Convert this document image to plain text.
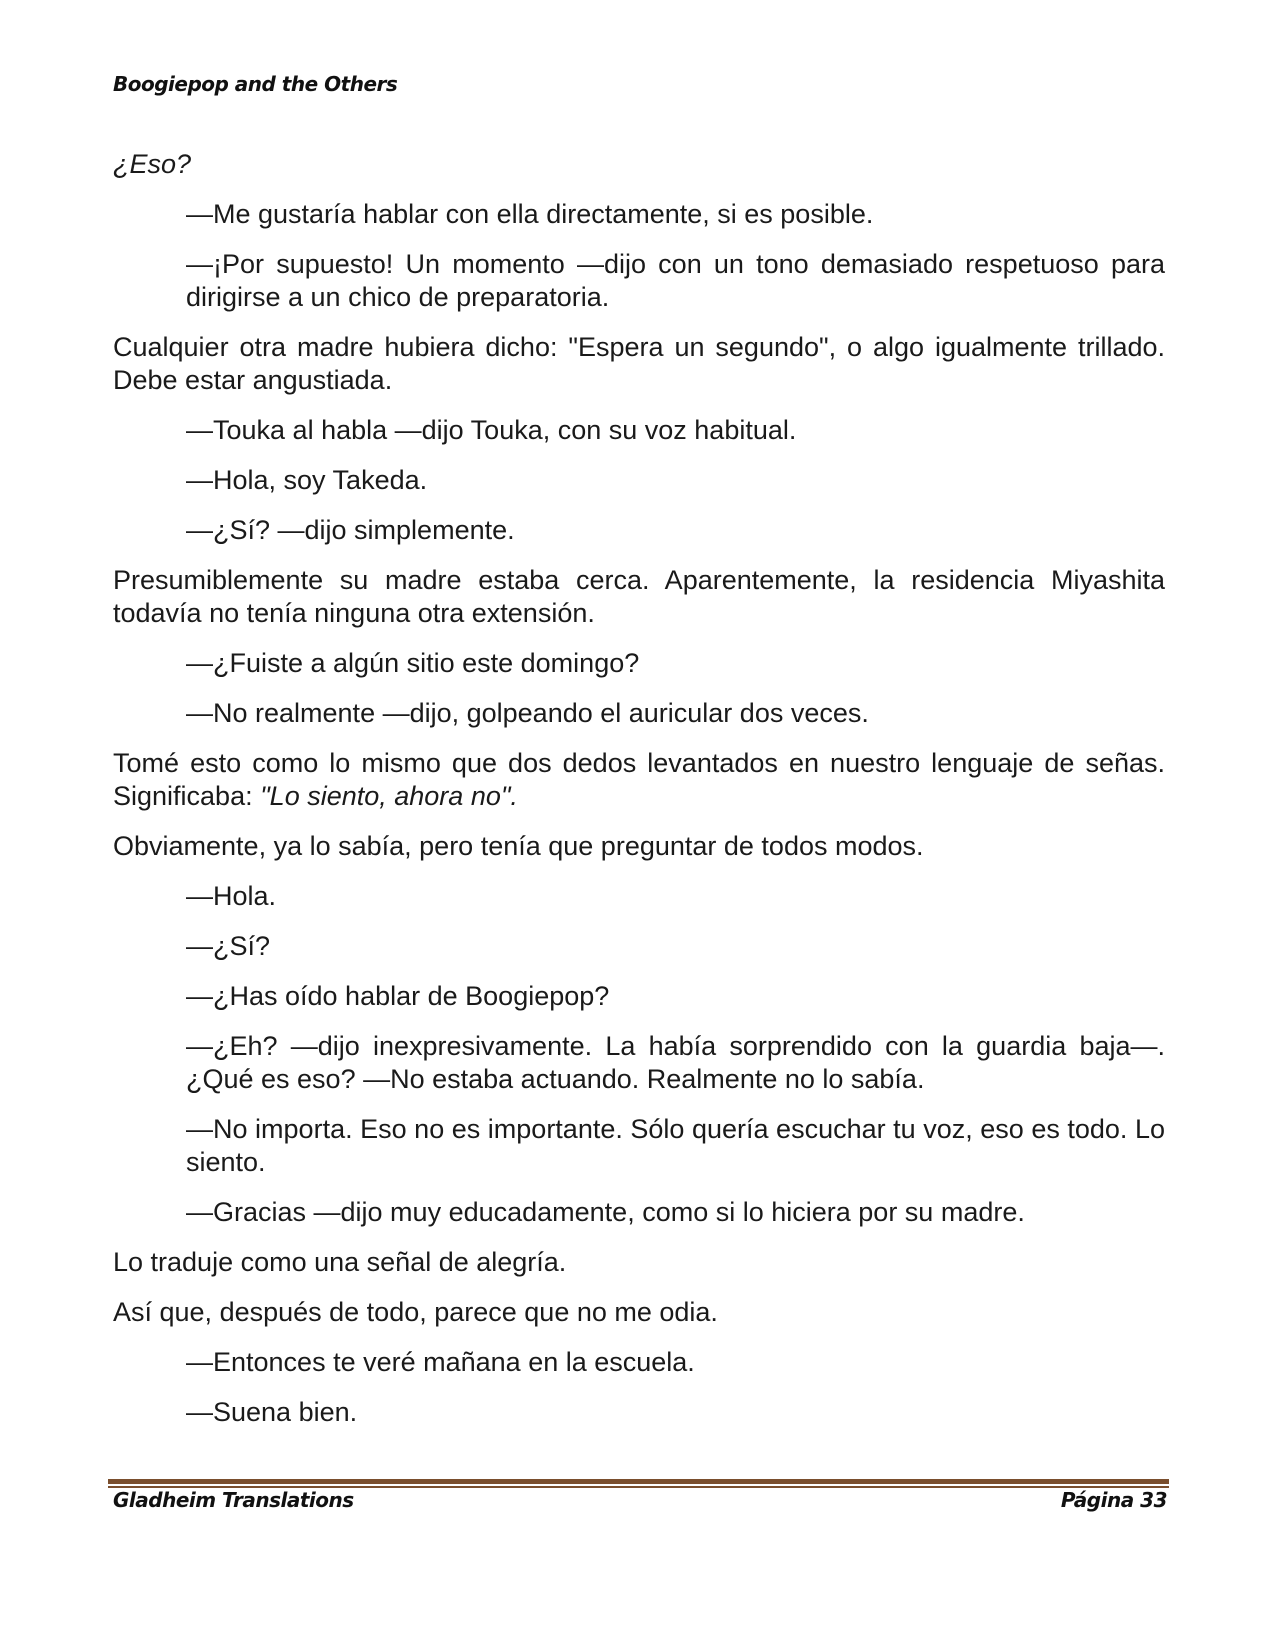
Boogiepop and the Others

¿Eso?

—Me gustaría hablar con ella directamente, si es posible.

—¡Por supuesto! Un momento —dijo con un tono demasiado respetuoso para dirigirse a un chico de preparatoria.

Cualquier otra madre hubiera dicho: "Espera un segundo", o algo igualmente trillado. Debe estar angustiada.

—Touka al habla —dijo Touka, con su voz habitual.

—Hola, soy Takeda.

—¿Sí? —dijo simplemente.

Presumiblemente su madre estaba cerca. Aparentemente, la residencia Miyashita todavía no tenía ninguna otra extensión.

—¿Fuiste a algún sitio este domingo?

—No realmente —dijo, golpeando el auricular dos veces.

Tomé esto como lo mismo que dos dedos levantados en nuestro lenguaje de señas. Significaba: "Lo siento, ahora no".

Obviamente, ya lo sabía, pero tenía que preguntar de todos modos.

—Hola.

—¿Sí?

—¿Has oído hablar de Boogiepop?

—¿Eh? —dijo inexpresivamente. La había sorprendido con la guardia baja—. ¿Qué es eso? —No estaba actuando. Realmente no lo sabía.

—No importa. Eso no es importante. Sólo quería escuchar tu voz, eso es todo. Lo siento.

—Gracias —dijo muy educadamente, como si lo hiciera por su madre.

Lo traduje como una señal de alegría.

Así que, después de todo, parece que no me odia.

—Entonces te veré mañana en la escuela.

—Suena bien.

Gladheim Translations	Página 33
